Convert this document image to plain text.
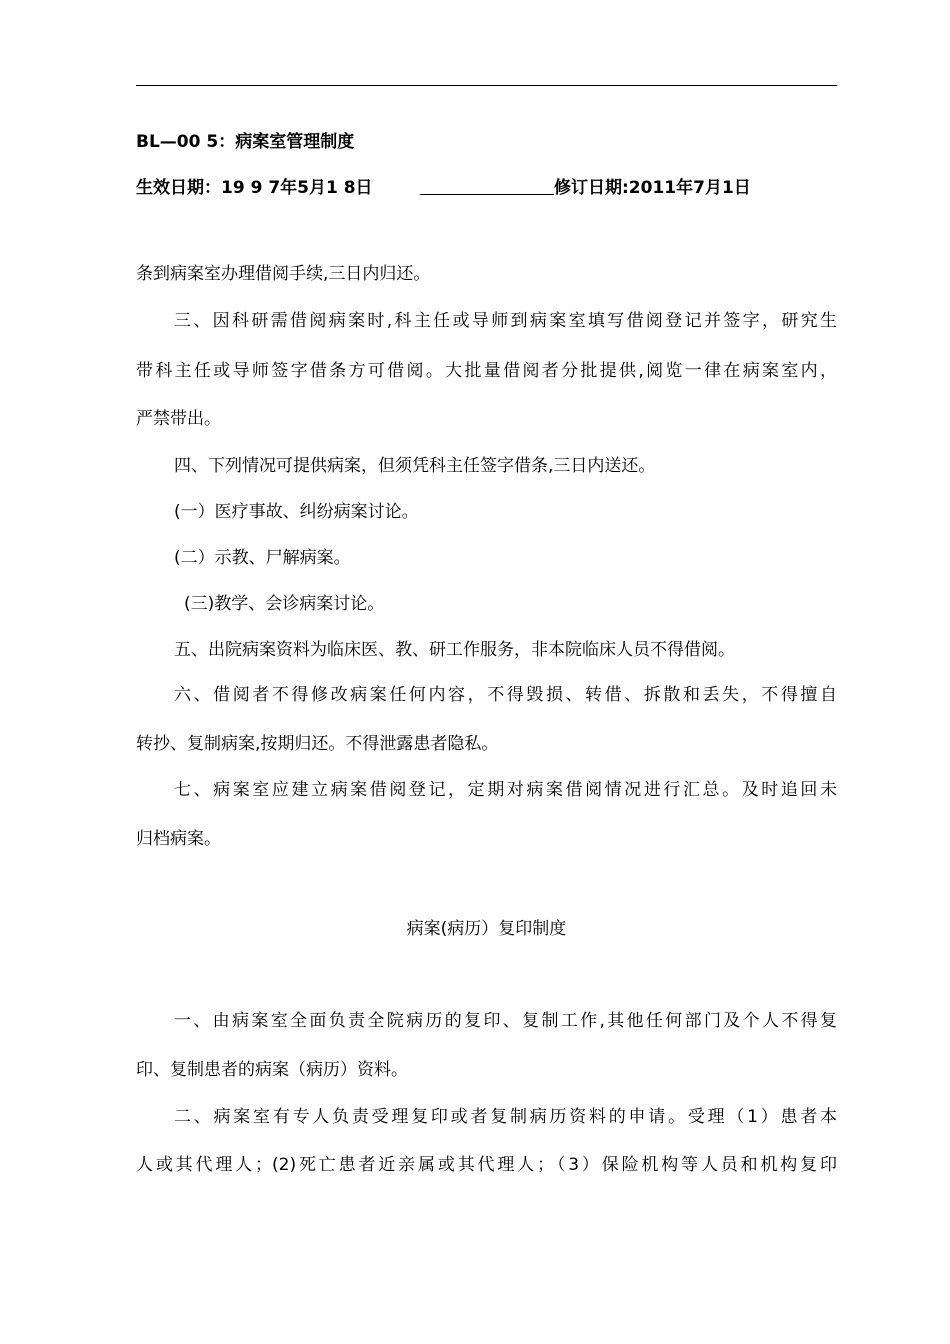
BL—00 5：病案室管理制度
生效日期：19 9 7年5月1 8日	修订日期:2011年7月1日
条到病案室办理借阅手续,三日内归还。
三、因科研需借阅病案时,科主任或导师到病案室填写借阅登记并签字，研究生
带科主任或导师签字借条方可借阅。大批量借阅者分批提供,阅览一律在病案室内，
严禁带出。
四、下列情况可提供病案，但须凭科主任签字借条,三日内送还。
(一）医疗事故、纠纷病案讨论。
(二）示教、尸解病案。
(三)教学、会诊病案讨论。
五、出院病案资料为临床医、教、研工作服务，非本院临床人员不得借阅。
六、借阅者不得修改病案任何内容，不得毁损、转借、拆散和丢失，不得擅自
转抄、复制病案,按期归还。不得泄露患者隐私。
七、病案室应建立病案借阅登记，定期对病案借阅情况进行汇总。及时追回未
归档病案。
病案(病历）复印制度
一、由病案室全面负责全院病历的复印、复制工作,其他任何部门及个人不得复
印、复制患者的病案（病历）资料。
二、病案室有专人负责受理复印或者复制病历资料的申请。受理（1）患者本
人或其代理人；(2)死亡患者近亲属或其代理人；（3）保险机构等人员和机构复印
